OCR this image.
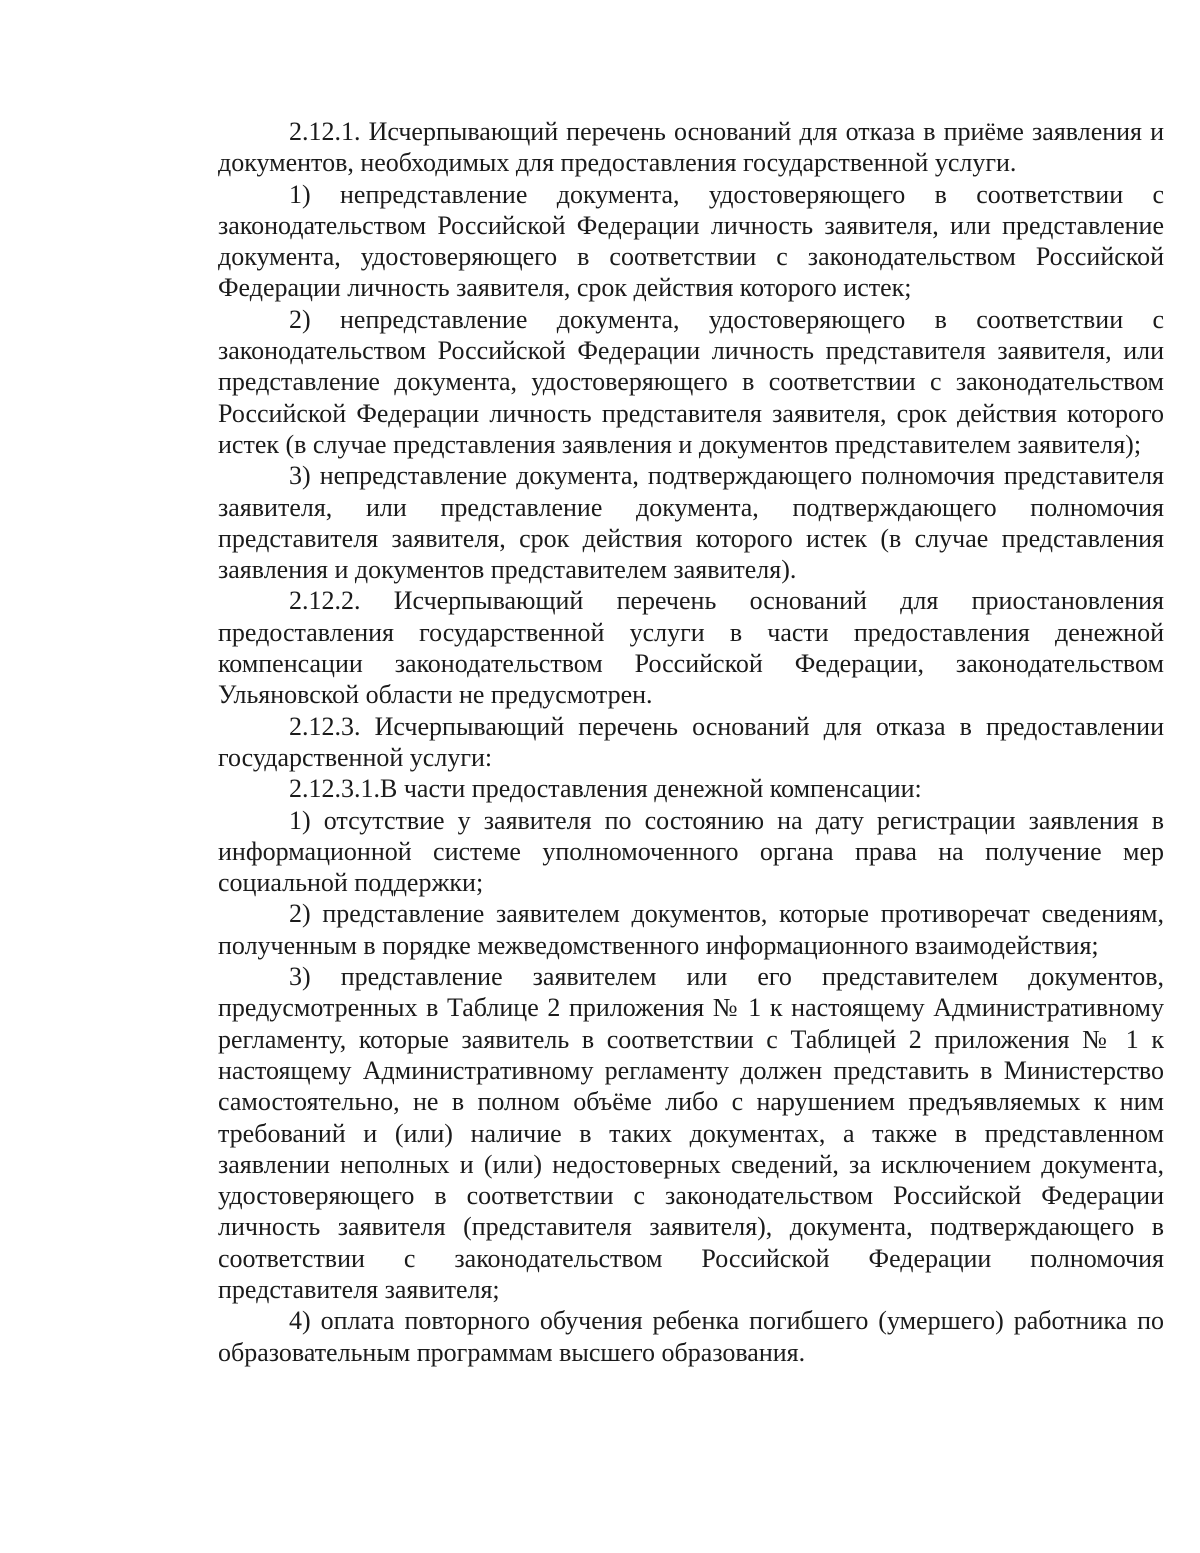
2.12.1. Исчерпывающий перечень оснований для отказа в приёме заявления и документов, необходимых для предоставления государственной услуги.

1) непредставление документа, удостоверяющего в соответствии с законодательством Российской Федерации личность заявителя, или представление документа, удостоверяющего в соответствии с законодательством Российской Федерации личность заявителя, срок действия которого истек;

2) непредставление документа, удостоверяющего в соответствии с законодательством Российской Федерации личность представителя заявителя, или представление документа, удостоверяющего в соответствии с законодательством Российской Федерации личность представителя заявителя, срок действия которого истек (в случае представления заявления и документов представителем заявителя);

3) непредставление документа, подтверждающего полномочия представителя заявителя, или представление документа, подтверждающего полномочия представителя заявителя, срок действия которого истек (в случае представления заявления и документов представителем заявителя).

2.12.2. Исчерпывающий перечень оснований для приостановления предоставления государственной услуги в части предоставления денежной компенсации законодательством Российской Федерации, законодательством Ульяновской области не предусмотрен.

2.12.3. Исчерпывающий перечень оснований для отказа в предоставлении государственной услуги:

2.12.3.1.В части предоставления денежной компенсации:

1) отсутствие у заявителя по состоянию на дату регистрации заявления в информационной системе уполномоченного органа права на получение мер социальной поддержки;

2) представление заявителем документов, которые противоречат сведениям, полученным в порядке межведомственного информационного взаимодействия;

3) представление заявителем или его представителем документов, предусмотренных в Таблице 2 приложения № 1 к настоящему Административному регламенту, которые заявитель в соответствии с Таблицей 2 приложения № 1 к настоящему Административному регламенту должен представить в Министерство самостоятельно, не в полном объёме либо с нарушением предъявляемых к ним требований и (или) наличие в таких документах, а также в представленном заявлении неполных и (или) недостоверных сведений, за исключением документа, удостоверяющего в соответствии с законодательством Российской Федерации личность заявителя (представителя заявителя), документа, подтверждающего в соответствии с законодательством Российской Федерации полномочия представителя заявителя;

4) оплата повторного обучения ребенка погибшего (умершего) работника по образовательным программам высшего образования.
